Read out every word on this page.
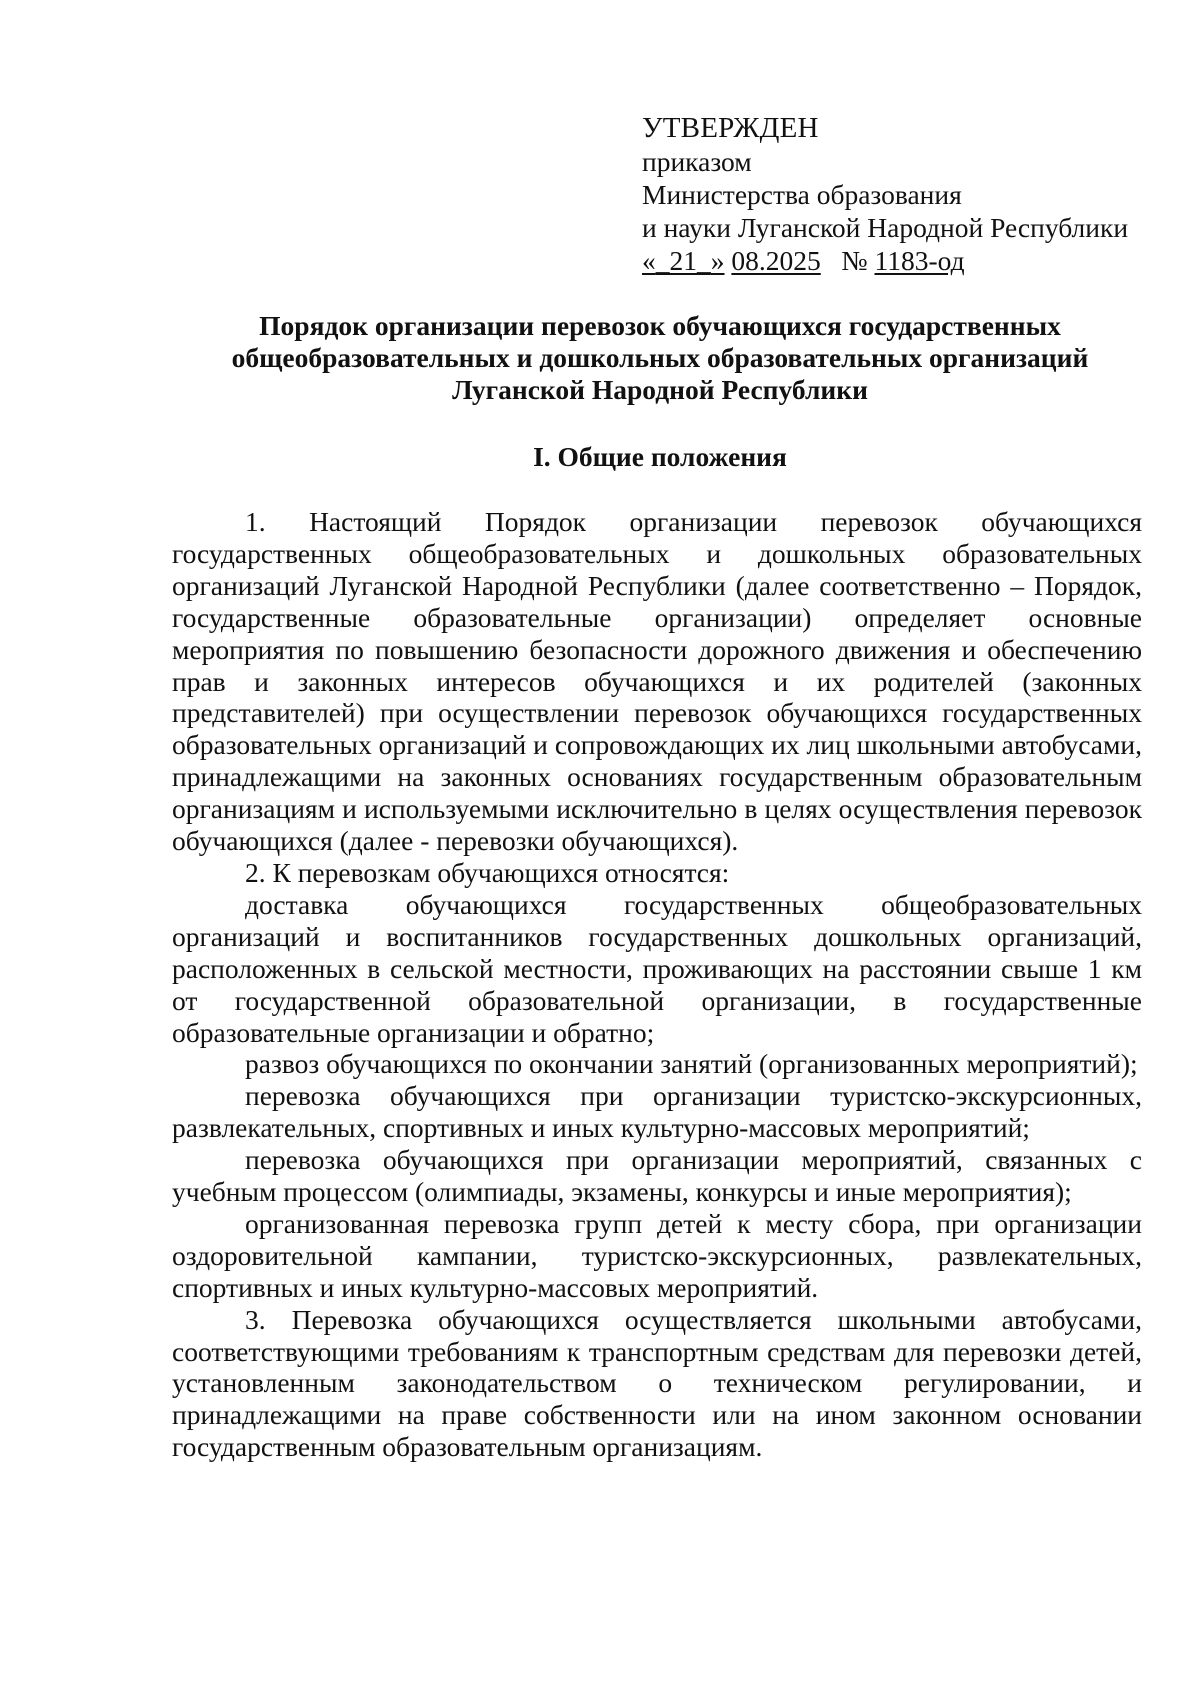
УТВЕРЖДЕН
приказом
Министерства образования
и науки Луганской Народной Республики
«_21_» 08.2025 № 1183-од
Порядок организации перевозок обучающихся государственных
общеобразовательных и дошкольных образовательных организаций
Луганской Народной Республики
I. Общие положения

1. Настоящий Порядок организации перевозок обучающихся государственных общеобразовательных и дошкольных образовательных организаций Луганской Народной Республики (далее соответственно – Порядок, государственные образовательные организации) определяет основные мероприятия по повышению безопасности дорожного движения и обеспечению прав и законных интересов обучающихся и их родителей (законных представителей) при осуществлении перевозок обучающихся государственных образовательных организаций и сопровождающих их лиц школьными автобусами, принадлежащими на законных основаниях государственным образовательным организациям и используемыми исключительно в целях осуществления перевозок обучающихся (далее - перевозки обучающихся).

2. К перевозкам обучающихся относятся:

доставка обучающихся государственных общеобразовательных организаций и воспитанников государственных дошкольных организаций, расположенных в сельской местности, проживающих на расстоянии свыше 1 км от государственной образовательной организации, в государственные образовательные организации и обратно;

развоз обучающихся по окончании занятий (организованных мероприятий);

перевозка обучающихся при организации туристско-экскурсионных, развлекательных, спортивных и иных культурно-массовых мероприятий;

перевозка обучающихся при организации мероприятий, связанных с учебным процессом (олимпиады, экзамены, конкурсы и иные мероприятия);

организованная перевозка групп детей к месту сбора, при организации оздоровительной кампании, туристско-экскурсионных, развлекательных, спортивных и иных культурно-массовых мероприятий.

3. Перевозка обучающихся осуществляется школьными автобусами, соответствующими требованиям к транспортным средствам для перевозки детей, установленным законодательством о техническом регулировании, и принадлежащими на праве собственности или на ином законном основании государственным образовательным организациям.
